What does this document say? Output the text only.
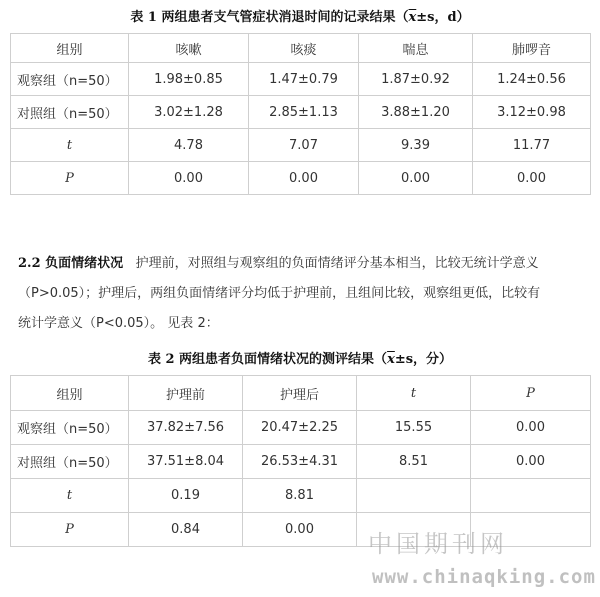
表 1 两组患者支气管症状消退时间的记录结果（$\overline{x}\pm s$，d）
组别	咳嗽	咳痰	喘息	肺啰音
观察组（n=50）	1.98±0.85	1.47±0.79	1.87±0.92	1.24±0.56
对照组（n=50）	3.02±1.28	2.85±1.13	3.88±1.20	3.12±0.98
t	4.78	7.07	9.39	11.77
P	0.00	0.00	0.00	0.00
2.2 负面情绪状况 护理前，对照组与观察组的负面情绪评分基本相当，比较无统计学意义
（P>0.05）；护理后，两组负面情绪评分均低于护理前，且组间比较，观察组更低，比较有
统计学意义（P<0.05）。 见表 2：
表 2 两组患者负面情绪状况的测评结果（$\overline{x}\pm s$，分）
组别	护理前	护理后	t	P
观察组（n=50）	37.82±7.56	20.47±2.25	15.55	0.00
对照组（n=50）	37.51±8.04	26.53±4.31	8.51	0.00
t	0.19	8.81		
P	0.84	0.00		
中国期刊网
www.chinaqking.com
